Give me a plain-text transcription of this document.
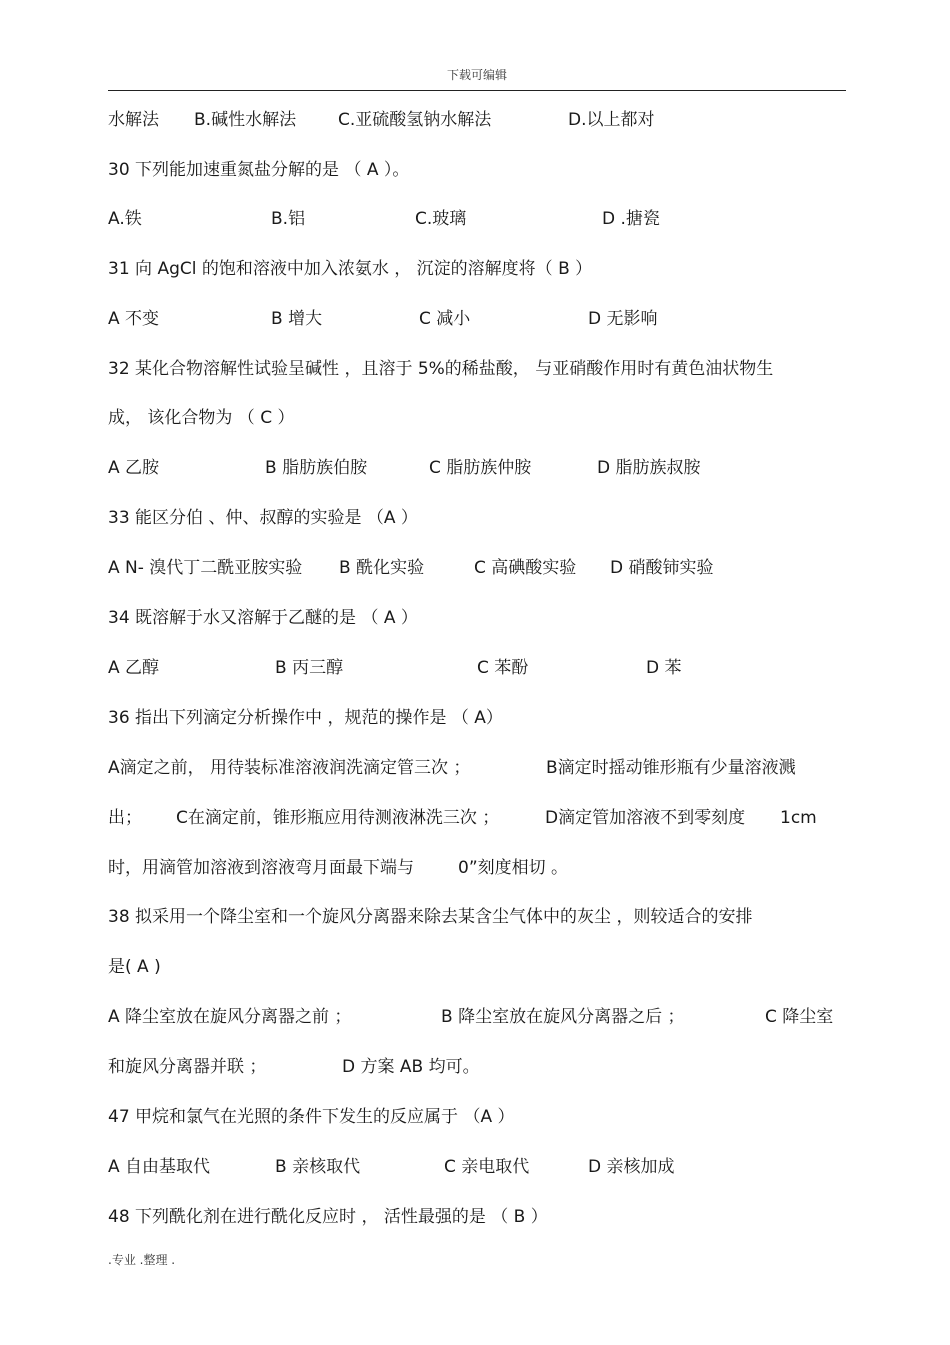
下载可编辑
水解法 B.碱性水解法 C.亚硫酸氢钠水解法	D.以上都对
30 下列能加速重氮盐分解的是 （ A ）。
A.铁	B.铝	C.玻璃	D .搪瓷
31 向 AgCl 的饱和溶液中加入浓氨水 ， 沉淀的溶解度将（ B ）
A 不变	B 增大	C 减小	D 无影响
32 某化合物溶解性试验呈碱性 ，且溶于 5%的稀盐酸， 与亚硝酸作用时有黄色油状物生
成， 该化合物为 （ C ）
A 乙胺	B 脂肪族伯胺	C 脂肪族仲胺	D 脂肪族叔胺
33 能区分伯 、仲、叔醇的实验是 （A ）
A N- 溴代丁二酰亚胺实验 B 酰化实验	C 高碘酸实验 D 硝酸铈实验
34 既溶解于水又溶解于乙醚的是 （ A ）
A 乙醇	B 丙三醇	C 苯酚	D 苯
36 指出下列滴定分析操作中 ，规范的操作是 （ A）
A滴定之前， 用待装标准溶液润洗滴定管三次 ；	B滴定时摇动锥形瓶有少量溶液溅
出； C在滴定前，锥形瓶应用待测液淋洗三次 ；	D滴定管加溶液不到零刻度 1cm
时，用滴管加溶液到溶液弯月面最下端与	0”刻度相切 。
38 拟采用一个降尘室和一个旋风分离器来除去某含尘气体中的灰尘 ，则较适合的安排
是( A )
A 降尘室放在旋风分离器之前 ；	B 降尘室放在旋风分离器之后 ；	C 降尘室
和旋风分离器并联 ；	D 方案 AB 均可。
47 甲烷和氯气在光照的条件下发生的反应属于 （A ）
A 自由基取代	B 亲核取代	C 亲电取代	D 亲核加成
48 下列酰化剂在进行酰化反应时 ， 活性最强的是 （ B ）
.专业 .整理 .
